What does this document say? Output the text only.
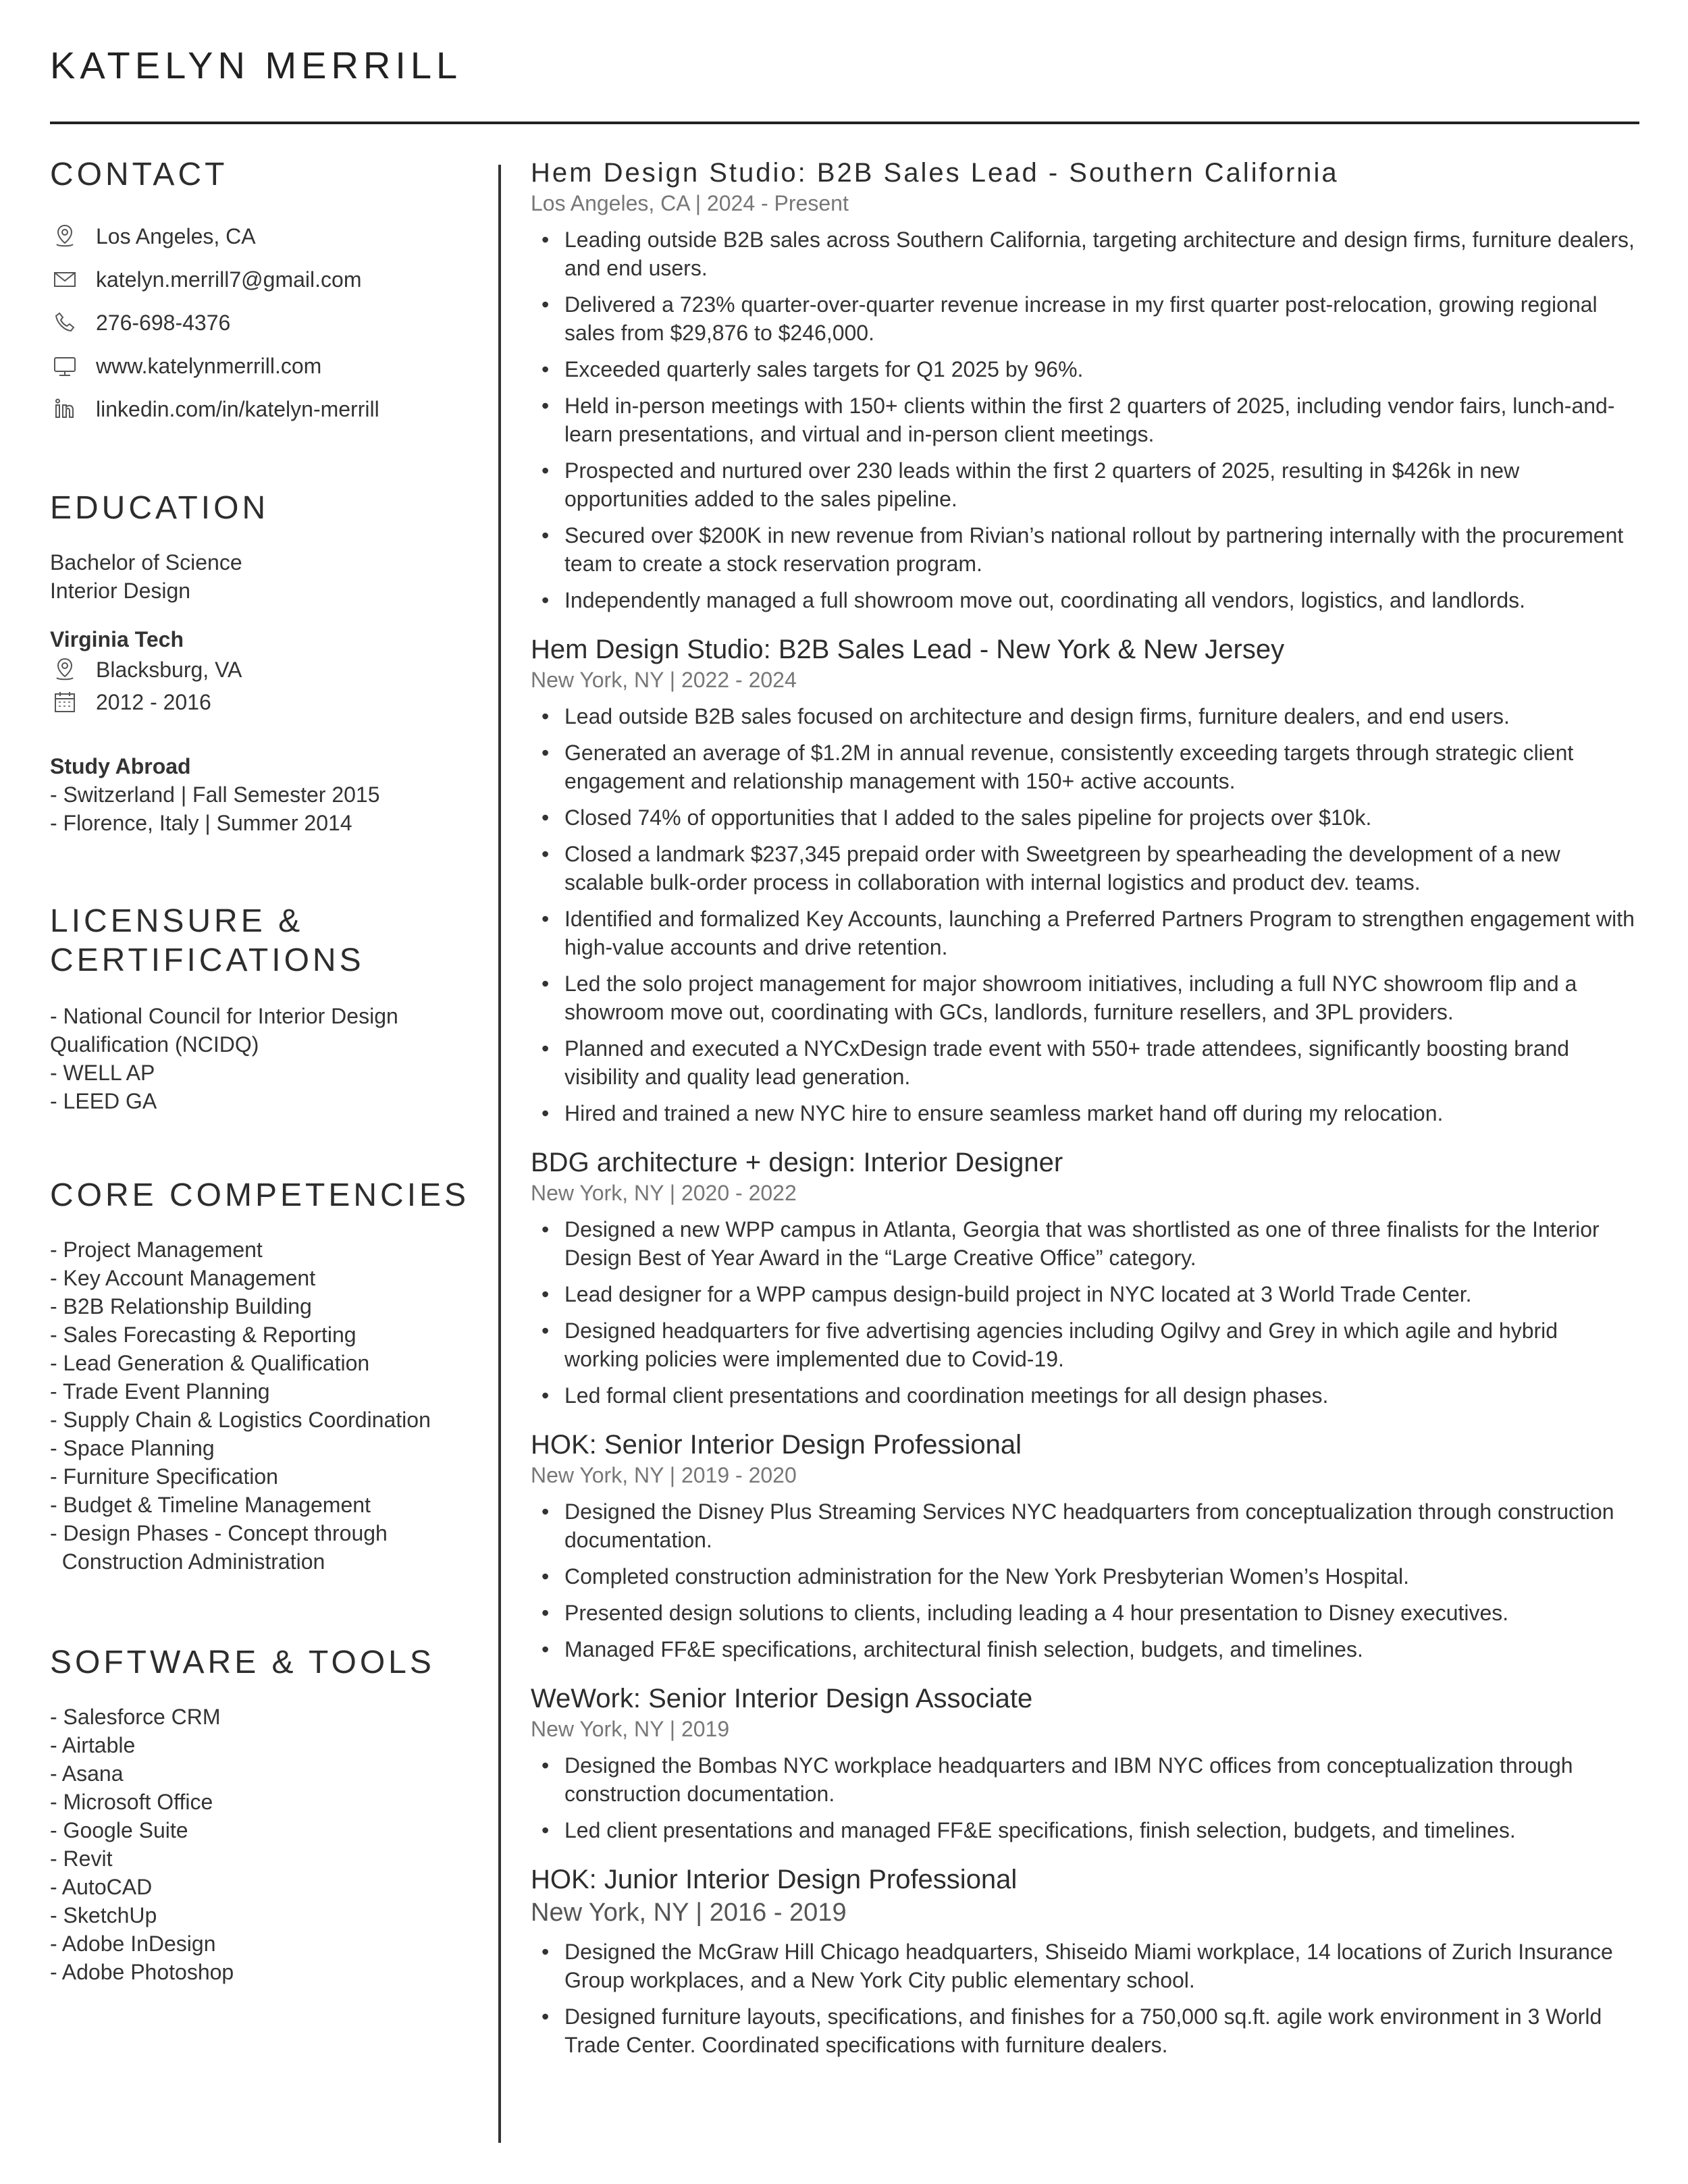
KATELYN MERRILL
CONTACT
Los Angeles, CA
katelyn.merrill7@gmail.com
276-698-4376
www.katelynmerrill.com
linkedin.com/in/katelyn-merrill
EDUCATION
Bachelor of Science
Interior Design
Virginia Tech
Blacksburg, VA
2012 - 2016
Study Abroad
- Switzerland | Fall Semester 2015
- Florence, Italy | Summer 2014
LICENSURE &
CERTIFICATIONS
- National Council for Interior Design
Qualification (NCIDQ)
- WELL AP
- LEED GA
CORE COMPETENCIES
- Project Management
- Key Account Management
- B2B Relationship Building
- Sales Forecasting & Reporting
- Lead Generation & Qualification
- Trade Event Planning
- Supply Chain & Logistics Coordination
- Space Planning
- Furniture Specification
- Budget & Timeline Management
- Design Phases - Concept through
Construction Administration
SOFTWARE & TOOLS
- Salesforce CRM
- Airtable
- Asana
- Microsoft Office
- Google Suite
- Revit
- AutoCAD
- SketchUp
- Adobe InDesign
- Adobe Photoshop
Hem Design Studio: B2B Sales Lead - Southern California
Los Angeles, CA | 2024 - Present
• Leading outside B2B sales across Southern California, targeting architecture and design firms, furniture dealers, and end users.
• Delivered a 723% quarter-over-quarter revenue increase in my first quarter post-relocation, growing regional sales from $29,876 to $246,000.
• Exceeded quarterly sales targets for Q1 2025 by 96%.
• Held in-person meetings with 150+ clients within the first 2 quarters of 2025, including vendor fairs, lunch-and-learn presentations, and virtual and in-person client meetings.
• Prospected and nurtured over 230 leads within the first 2 quarters of 2025, resulting in $426k in new opportunities added to the sales pipeline.
• Secured over $200K in new revenue from Rivian’s national rollout by partnering internally with the procurement team to create a stock reservation program.
• Independently managed a full showroom move out, coordinating all vendors, logistics, and landlords.
Hem Design Studio: B2B Sales Lead - New York & New Jersey
New York, NY | 2022 - 2024
• Lead outside B2B sales focused on architecture and design firms, furniture dealers, and end users.
• Generated an average of $1.2M in annual revenue, consistently exceeding targets through strategic client engagement and relationship management with 150+ active accounts.
• Closed 74% of opportunities that I added to the sales pipeline for projects over $10k.
• Closed a landmark $237,345 prepaid order with Sweetgreen by spearheading the development of a new scalable bulk-order process in collaboration with internal logistics and product dev. teams.
• Identified and formalized Key Accounts, launching a Preferred Partners Program to strengthen engagement with high-value accounts and drive retention.
• Led the solo project management for major showroom initiatives, including a full NYC showroom flip and a showroom move out, coordinating with GCs, landlords, furniture resellers, and 3PL providers.
• Planned and executed a NYCxDesign trade event with 550+ trade attendees, significantly boosting brand visibility and quality lead generation.
• Hired and trained a new NYC hire to ensure seamless market hand off during my relocation.
BDG architecture + design: Interior Designer
New York, NY | 2020 - 2022
• Designed a new WPP campus in Atlanta, Georgia that was shortlisted as one of three finalists for the Interior Design Best of Year Award in the “Large Creative Office” category.
• Lead designer for a WPP campus design-build project in NYC located at 3 World Trade Center.
• Designed headquarters for five advertising agencies including Ogilvy and Grey in which agile and hybrid working policies were implemented due to Covid-19.
• Led formal client presentations and coordination meetings for all design phases.
HOK: Senior Interior Design Professional
New York, NY | 2019 - 2020
• Designed the Disney Plus Streaming Services NYC headquarters from conceptualization through construction documentation.
• Completed construction administration for the New York Presbyterian Women’s Hospital.
• Presented design solutions to clients, including leading a 4 hour presentation to Disney executives.
• Managed FF&E specifications, architectural finish selection, budgets, and timelines.
WeWork: Senior Interior Design Associate
New York, NY | 2019
• Designed the Bombas NYC workplace headquarters and IBM NYC offices from conceptualization through construction documentation.
• Led client presentations and managed FF&E specifications, finish selection, budgets, and timelines.
HOK: Junior Interior Design Professional
New York, NY | 2016 - 2019
• Designed the McGraw Hill Chicago headquarters, Shiseido Miami workplace, 14 locations of Zurich Insurance Group workplaces, and a New York City public elementary school.
• Designed furniture layouts, specifications, and finishes for a 750,000 sq.ft. agile work environment in 3 World Trade Center. Coordinated specifications with furniture dealers.
